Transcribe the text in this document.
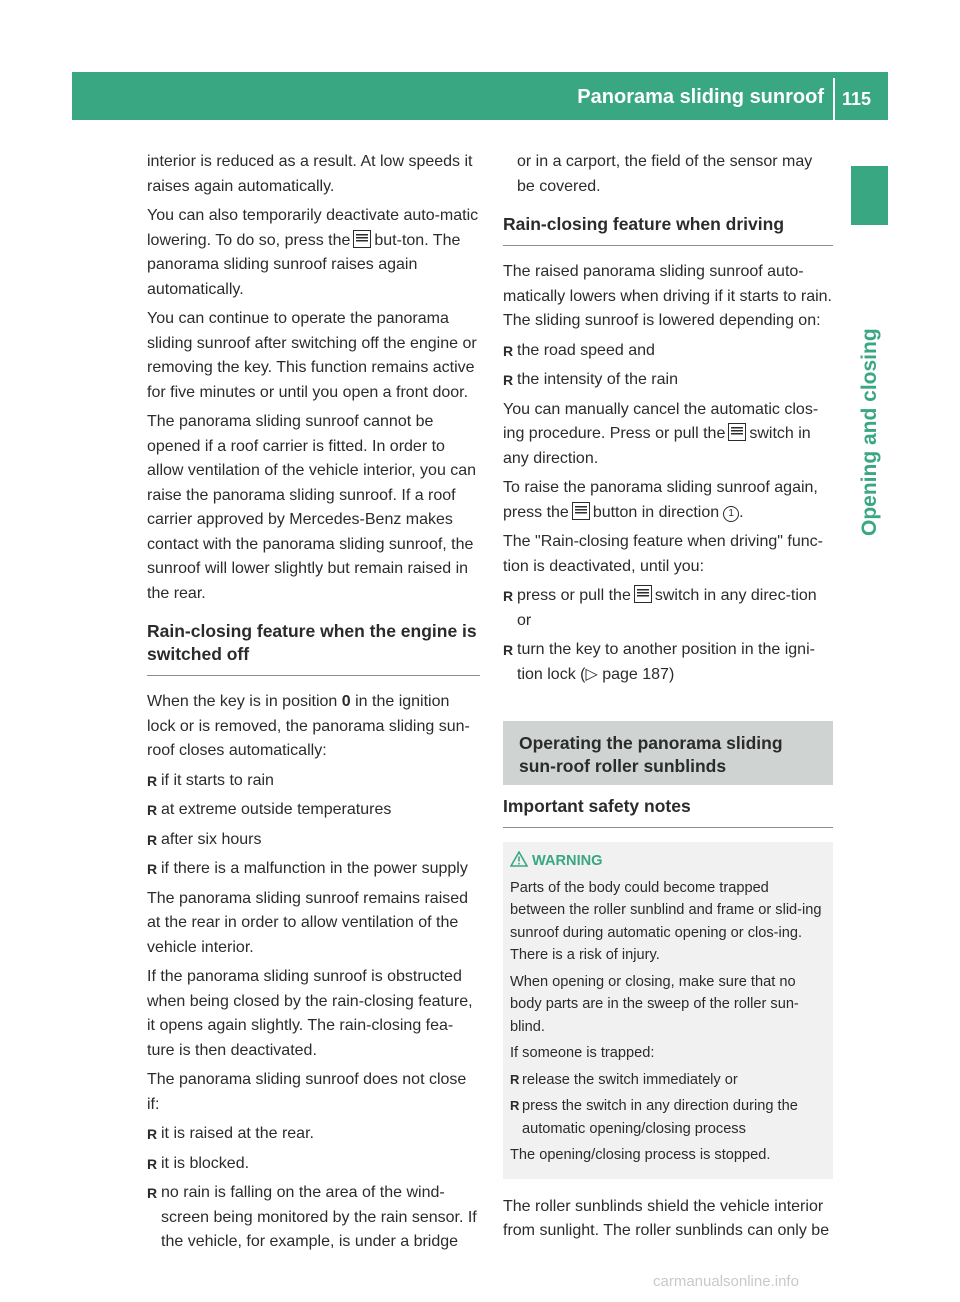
Panorama sliding sunroof 115
Opening and closing

interior is reduced as a result. At low speeds it raises again automatically.

You can also temporarily deactivate auto-matic lowering. To do so, press the but-ton. The panorama sliding sunroof raises again automatically.

You can continue to operate the panorama sliding sunroof after switching off the engine or removing the key. This function remains active for five minutes or until you open a front door.

The panorama sliding sunroof cannot be opened if a roof carrier is fitted. In order to allow ventilation of the vehicle interior, you can raise the panorama sliding sunroof. If a roof carrier approved by Mercedes-Benz makes contact with the panorama sliding sunroof, the sunroof will lower slightly but remain raised in the rear.

Rain-closing feature when the engine is switched off

When the key is in position 0 in the ignition lock or is removed, the panorama sliding sun-roof closes automatically:

R if it starts to rain
R at extreme outside temperatures
R after six hours
R if there is a malfunction in the power supply

The panorama sliding sunroof remains raised at the rear in order to allow ventilation of the vehicle interior.

If the panorama sliding sunroof is obstructed when being closed by the rain-closing feature, it opens again slightly. The rain-closing fea-ture is then deactivated.

The panorama sliding sunroof does not close if:

R it is raised at the rear.
R it is blocked.
R no rain is falling on the area of the wind-screen being monitored by the rain sensor. If the vehicle, for example, is under a bridge
or in a carport, the field of the sensor may be covered.
Rain-closing feature when driving

The raised panorama sliding sunroof auto-matically lowers when driving if it starts to rain. The sliding sunroof is lowered depending on:

R the road speed and
R the intensity of the rain

You can manually cancel the automatic clos-ing procedure. Press or pull the switch in any direction.

To raise the panorama sliding sunroof again, press the button in direction 1 .

The "Rain-closing feature when driving" func-tion is deactivated, until you:

R press or pull the switch in any direc-tion or
R turn the key to another position in the igni-tion lock (▷ page 187)
Operating the panorama sliding sun-roof roller sunblinds
Important safety notes
WARNING

Parts of the body could become trapped between the roller sunblind and frame or slid-ing sunroof during automatic opening or clos-ing. There is a risk of injury.

When opening or closing, make sure that no body parts are in the sweep of the roller sun-blind.

If someone is trapped:

R release the switch immediately or
R press the switch in any direction during the automatic opening/closing process

The opening/closing process is stopped.

The roller sunblinds shield the vehicle interior from sunlight. The roller sunblinds can only be

carmanualsonline.info
